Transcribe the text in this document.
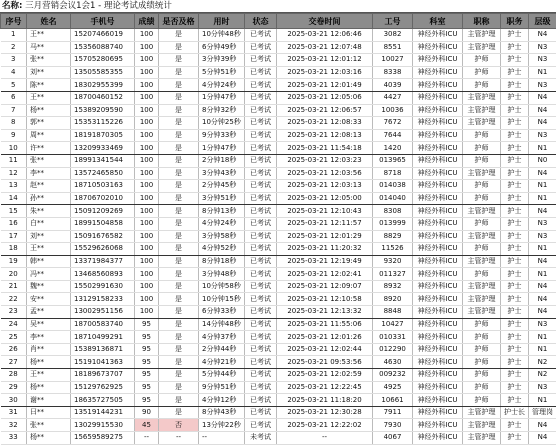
名称: 三月营销会议1会1 - 理论考试成绩统计
序号	姓名	手机号	成绩	是否及格	用时	状态	交卷时间	工号	科室	职称	职务	层级
1	王**	15207466019	100	是	10分钟48秒	已考试	2025-03-21 12:06:46	3082	神经外科ICU	主管护理	护士	N4
2	马**	15356088740	100	是	6分钟49秒	已考试	2025-03-21 12:07:48	8551	神经外科ICU	主管护理	护士	N3
3	张**	15705280695	100	是	3分钟39秒	已考试	2025-03-21 12:01:12	10027	神经外科ICU	护师	护士	N3
4	刘**	13505585355	100	是	5分钟51秒	已考试	2025-03-21 12:03:16	8338	神经外科ICU	护师	护士	N1
5	陈**	18302955399	100	是	4分钟24秒	已考试	2025-03-21 12:01:49	4039	神经外科ICU	护师	护士	N3
6	王**	18700460152	100	是	1分钟47秒	已考试	2025-03-21 12:05:06	4427	神经外科ICU	主管护理	护士	N4
7	杨**	15389209590	100	是	8分钟32秒	已考试	2025-03-21 12:06:57	10036	神经外科ICU	主管护理	护士	N4
8	郭**	15353115226	100	是	10分钟25秒	已考试	2025-03-21 12:08:33	7672	神经外科ICU	主管护理	护士	N4
9	周**	18191870305	100	是	9分钟33秒	已考试	2025-03-21 12:08:13	7644	神经外科ICU	护师	护士	N3
10	许**	13209933469	100	是	1分钟47秒	已考试	2025-03-21 11:54:18	1420	神经外科ICU	护师	护士	N1
11	张**	18991341544	100	是	2分钟18秒	已考试	2025-03-21 12:03:23	013965	神经外科ICU	护师	护士	N0
12	李**	13572465850	100	是	3分钟43秒	已考试	2025-03-21 12:03:56	8718	神经外科ICU	主管护理	护士	N4
13	赵**	18710503163	100	是	2分钟45秒	已考试	2025-03-21 12:03:13	014038	神经外科ICU	护师	护士	N1
14	孙**	18706702010	100	是	3分钟51秒	已考试	2025-03-21 12:05:00	014040	神经外科ICU	护师	护士	N1
15	朱**	15091209269	100	是	8分钟13秒	已考试	2025-03-21 12:10:43	8308	神经外科ICU	主管护理	护士	N4
16	白**	18991504858	100	是	4分钟24秒	已考试	2025-03-21 12:11:57	013999	神经外科ICU	护师	护士	N3
17	刘**	15091676582	100	是	3分钟58秒	已考试	2025-03-21 12:01:29	8829	神经外科ICU	主管护理	护士	N3
18	王**	15529626068	100	是	4分钟52秒	已考试	2025-03-21 11:20:32	11526	神经外科ICU	护师	护士	N1
19	韩**	13371984377	100	是	8分钟18秒	已考试	2025-03-21 12:19:49	9320	神经外科ICU	主管护理	护士	N4
20	冯**	13468560893	100	是	3分钟48秒	已考试	2025-03-21 12:02:41	011327	神经外科ICU	护师	护士	N1
21	魏**	15502991630	100	是	10分钟58秒	已考试	2025-03-21 12:09:07	8932	神经外科ICU	主管护理	护士	N4
22	安**	13129158233	100	是	10分钟15秒	已考试	2025-03-21 12:10:58	8920	神经外科ICU	主管护理	护士	N4
23	孟**	13002951156	100	是	6分钟33秒	已考试	2025-03-21 12:13:32	8848	神经外科ICU	主管护理	护士	N4
24	吴**	18700583740	95	是	14分钟48秒	已考试	2025-03-21 11:55:06	10427	神经外科ICU	护师	护士	N3
25	李**	18710499291	95	是	4分钟37秒	已考试	2025-03-21 12:01:26	010331	神经外科ICU	护师	护士	N1
26	肖**	15389136871	95	是	2分钟44秒	已考试	2025-03-21 12:02:44	012290	神经外科ICU	护师	护士	N1
27	杨**	15191041363	95	是	4分钟21秒	已考试	2025-03-21 09:53:56	4630	神经外科ICU	护师	护士	N2
28	王**	18189673707	95	是	5分钟44秒	已考试	2025-03-21 12:02:59	009232	神经外科ICU	护师	护士	N2
29	杨**	15129762925	95	是	9分钟51秒	已考试	2025-03-21 12:22:45	4925	神经外科ICU	护师	护士	N3
30	谢**	18635727505	95	是	4分钟12秒	已考试	2025-03-21 11:18:20	10661	神经外科ICU	护师	护士	N1
31	曰**	13519144231	90	是	8分钟43秒	已考试	2025-03-21 12:30:28	7911	神经外科ICU	主管护理	护士长	管理岗
32	张**	13029915530	45	否	13分钟22秒	已考试	2025-03-21 12:22:02	7930	神经外科ICU	主管护理	护士	N4
33	杨**	15659589275	--	--	--	未考试	--	4067	神经外科ICU	主管护理	护士	N4
